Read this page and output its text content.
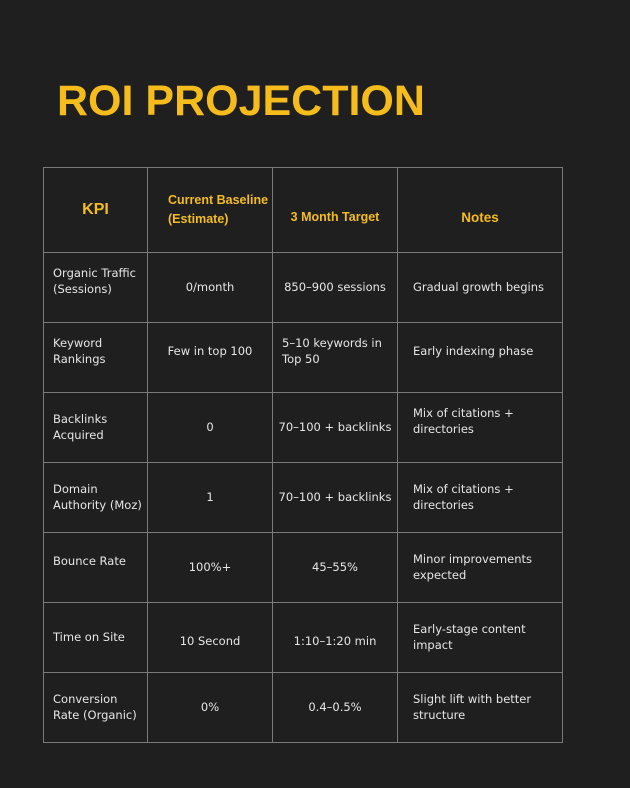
ROI PROJECTION
KPI	Current Baseline (Estimate)	3 Month Target	Notes
Organic Traffic (Sessions)	0/month	850–900 sessions	Gradual growth begins
Keyword Rankings	Few in top 100	5–10 keywords in Top 50	Early indexing phase
Backlinks Acquired	0	70–100 + backlinks	Mix of citations + directories

Domain Authority (Moz)	1	70–100 + backlinks	Mix of citations + directories
Bounce Rate	100%+	45–55%	Minor improvements expected
Time on Site	10 Second	1:10–1:20 min	Early-stage content impact
Conversion Rate (Organic)	0%	0.4–0.5%	Slight lift with better structure
